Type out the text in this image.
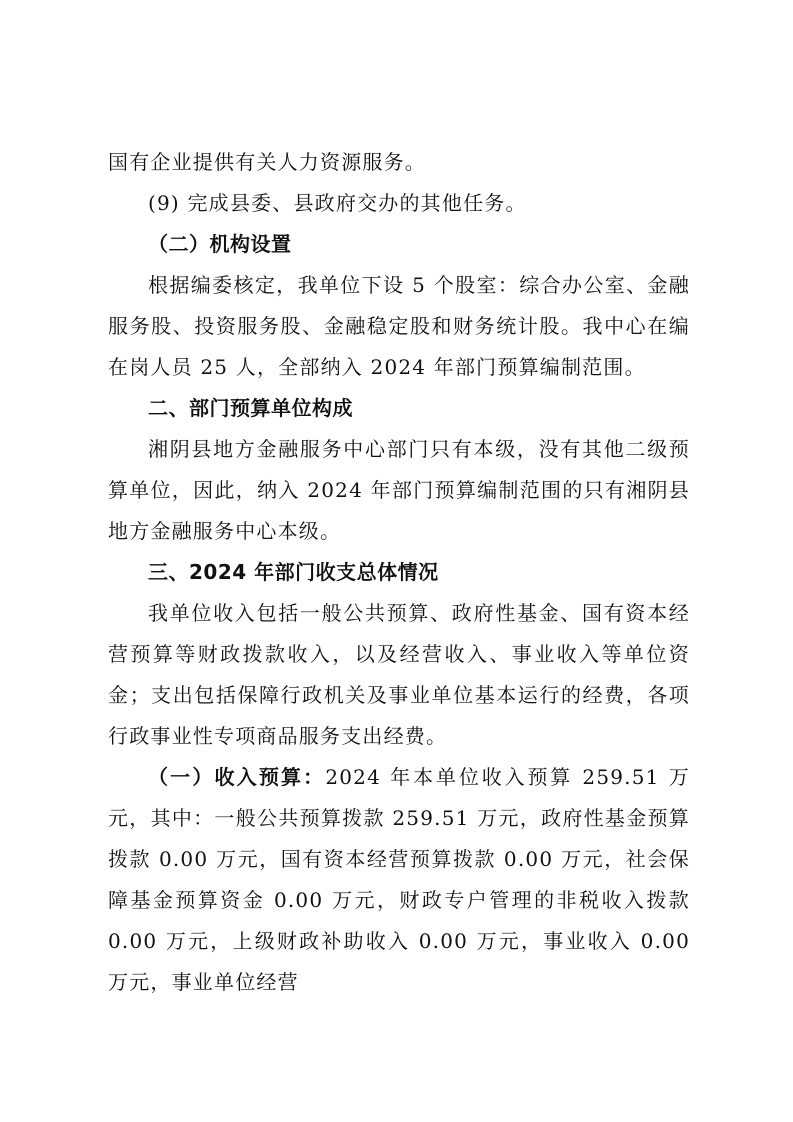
国有企业提供有关人力资源服务。

(9) 完成县委、县政府交办的其他任务。

（二）机构设置

根据编委核定，我单位下设 5 个股室：综合办公室、金融服务股、投资服务股、金融稳定股和财务统计股。我中心在编在岗人员 25 人，全部纳入 2024 年部门预算编制范围。

二、部门预算单位构成

湘阴县地方金融服务中心部门只有本级，没有其他二级预算单位，因此，纳入 2024 年部门预算编制范围的只有湘阴县地方金融服务中心本级。

三、2024 年部门收支总体情况

我单位收入包括一般公共预算、政府性基金、国有资本经营预算等财政拨款收入，以及经营收入、事业收入等单位资金；支出包括保障行政机关及事业单位基本运行的经费，各项行政事业性专项商品服务支出经费。

（一）收入预算：2024 年本单位收入预算 259.51 万元，其中：一般公共预算拨款 259.51 万元，政府性基金预算拨款 0.00 万元，国有资本经营预算拨款 0.00 万元，社会保障基金预算资金 0.00 万元，财政专户管理的非税收入拨款 0.00 万元，上级财政补助收入 0.00 万元，事业收入 0.00 万元，事业单位经营
